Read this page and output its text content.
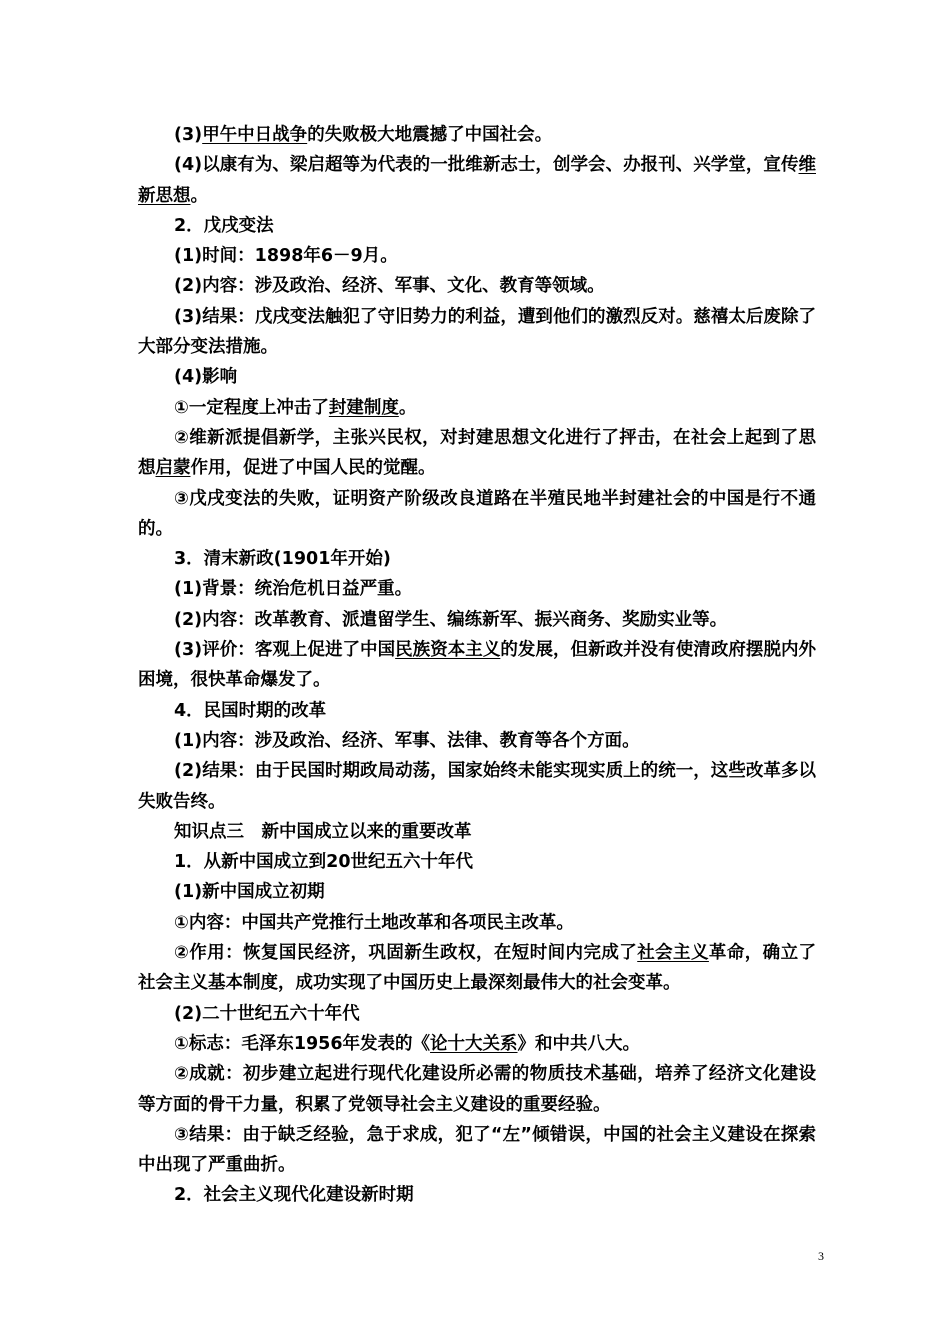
(3)甲午中日战争的失败极大地震撼了中国社会。

(4)以康有为、梁启超等为代表的一批维新志士，创学会、办报刊、兴学堂，宣传维新思想。

2．戊戌变法

(1)时间：1898年6－9月。

(2)内容：涉及政治、经济、军事、文化、教育等领域。

(3)结果：戊戌变法触犯了守旧势力的利益，遭到他们的激烈反对。慈禧太后废除了大部分变法措施。

(4)影响

①一定程度上冲击了封建制度。

②维新派提倡新学，主张兴民权，对封建思想文化进行了抨击，在社会上起到了思想启蒙作用，促进了中国人民的觉醒。

③戊戌变法的失败，证明资产阶级改良道路在半殖民地半封建社会的中国是行不通的。

3．清末新政(1901年开始)

(1)背景：统治危机日益严重。

(2)内容：改革教育、派遣留学生、编练新军、振兴商务、奖励实业等。

(3)评价：客观上促进了中国民族资本主义的发展，但新政并没有使清政府摆脱内外困境，很快革命爆发了。

4．民国时期的改革

(1)内容：涉及政治、经济、军事、法律、教育等各个方面。

(2)结果：由于民国时期政局动荡，国家始终未能实现实质上的统一，这些改革多以失败告终。

知识点三　新中国成立以来的重要改革

1．从新中国成立到20世纪五六十年代

(1)新中国成立初期

①内容：中国共产党推行土地改革和各项民主改革。

②作用：恢复国民经济，巩固新生政权，在短时间内完成了社会主义革命，确立了社会主义基本制度，成功实现了中国历史上最深刻最伟大的社会变革。

(2)二十世纪五六十年代

①标志：毛泽东1956年发表的《论十大关系》和中共八大。

②成就：初步建立起进行现代化建设所必需的物质技术基础，培养了经济文化建设等方面的骨干力量，积累了党领导社会主义建设的重要经验。

③结果：由于缺乏经验，急于求成，犯了“左”倾错误，中国的社会主义建设在探索中出现了严重曲折。

2．社会主义现代化建设新时期

3
